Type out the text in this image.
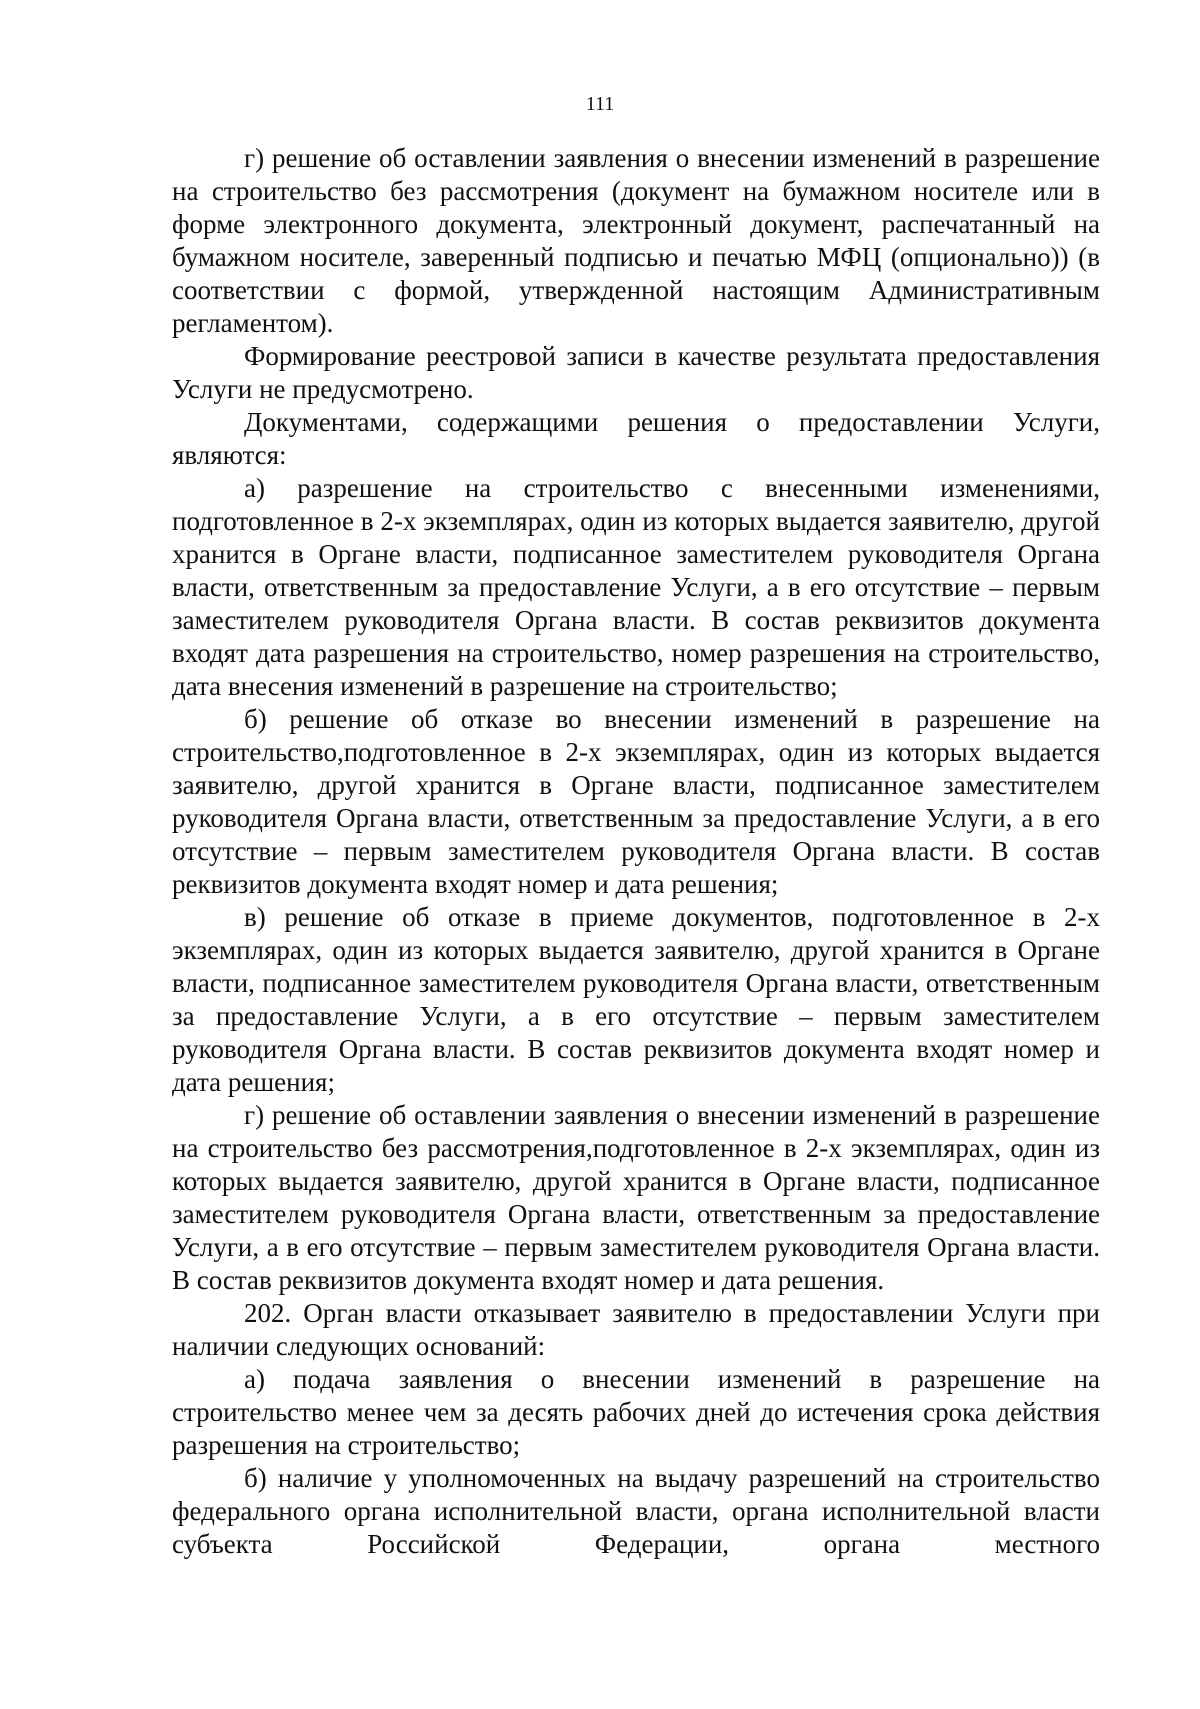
111

г) решение об оставлении заявления о внесении изменений в разрешение на строительство без рассмотрения (документ на бумажном носителе или в форме электронного документа, электронный документ, распечатанный на бумажном носителе, заверенный подписью и печатью МФЦ (опционально)) (в соответствии с формой, утвержденной настоящим Административным регламентом).

Формирование реестровой записи в качестве результата предоставления Услуги не предусмотрено.

Документами, содержащими решения о предоставлении Услуги, являются:

а) разрешение на строительство с внесенными изменениями, подготовленное в 2-х экземплярах, один из которых выдается заявителю, другой хранится в Органе власти, подписанное заместителем руководителя Органа власти, ответственным за предоставление Услуги, а в его отсутствие – первым заместителем руководителя Органа власти. В состав реквизитов документа входят дата разрешения на строительство, номер разрешения на строительство, дата внесения изменений в разрешение на строительство;

б) решение об отказе во внесении изменений в разрешение на строительство,подготовленное в 2-х экземплярах, один из которых выдается заявителю, другой хранится в Органе власти, подписанное заместителем руководителя Органа власти, ответственным за предоставление Услуги, а в его отсутствие – первым заместителем руководителя Органа власти. В состав реквизитов документа входят номер и дата решения;

в) решение об отказе в приеме документов, подготовленное в 2-х экземплярах, один из которых выдается заявителю, другой хранится в Органе власти, подписанное заместителем руководителя Органа власти, ответственным за предоставление Услуги, а в его отсутствие – первым заместителем руководителя Органа власти. В состав реквизитов документа входят номер и дата решения;

г) решение об оставлении заявления о внесении изменений в разрешение на строительство без рассмотрения,подготовленное в 2-х экземплярах, один из которых выдается заявителю, другой хранится в Органе власти, подписанное заместителем руководителя Органа власти, ответственным за предоставление Услуги, а в его отсутствие – первым заместителем руководителя Органа власти. В состав реквизитов документа входят номер и дата решения.

202. Орган власти отказывает заявителю в предоставлении Услуги при наличии следующих оснований:

а) подача заявления о внесении изменений в разрешение на строительство менее чем за десять рабочих дней до истечения срока действия разрешения на строительство;

б) наличие у уполномоченных на выдачу разрешений на строительство федерального органа исполнительной власти, органа исполнительной власти субъекта Российской Федерации, органа местного
